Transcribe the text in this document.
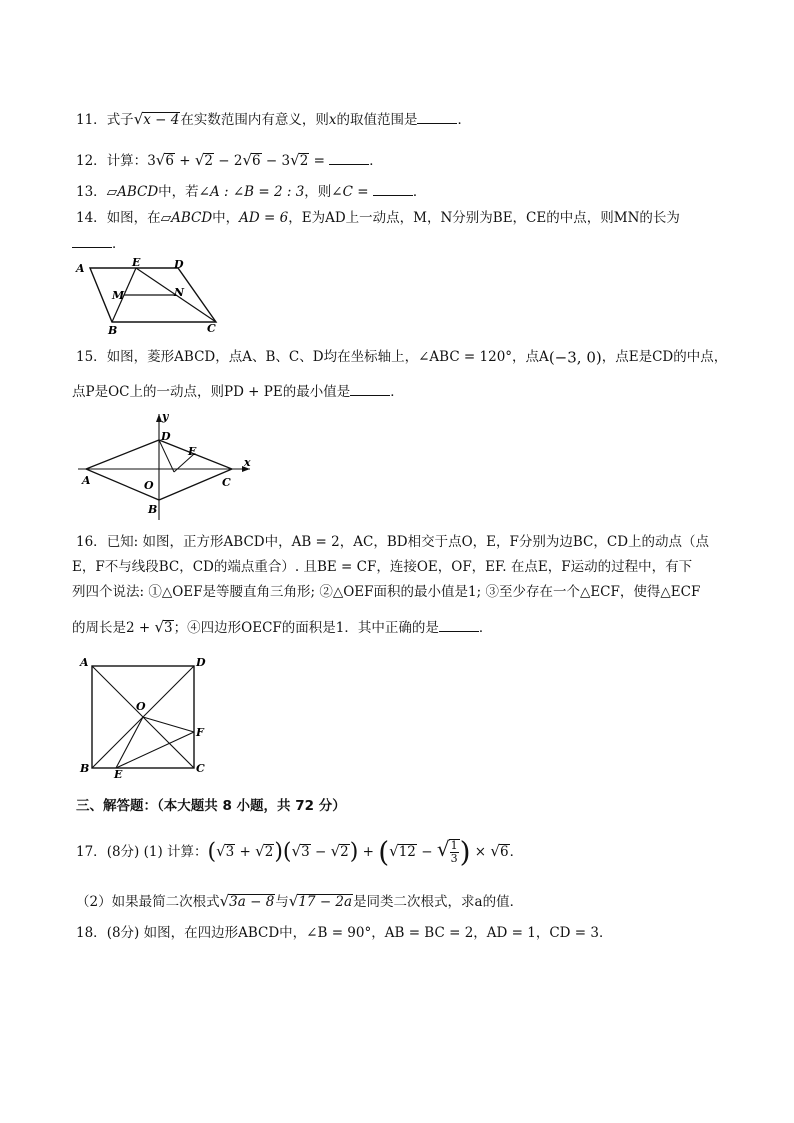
11．式子√x − 4在实数范围内有意义，则x的取值范围是	．
12．计算：3√6 + √2 − 2√6 − 3√2 =	．
13．▱ABCD中，若∠A : ∠B = 2 : 3，则∠C =	．
14．如图，在▱ABCD中，AD = 6，E为AD上一动点，M，N分别为BE，CE的中点，则MN的长为
．
A	E	D
M	N
B	C
15．如图，菱形ABCD，点A、B、C、D均在坐标轴上，∠ABC = 120°，点A(−3, 0)，点E是CD的中点，
点P是OC上的一动点，则PD + PE的最小值是	．
y
D
E
x
A	O	C
B
16．已知: 如图，正方形ABCD中，AB = 2，AC，BD相交于点O，E，F分别为边BC，CD上的动点（点
E，F不与线段BC，CD的端点重合）. 且BE = CF，连接OE，OF，EF. 在点E，F运动的过程中，有下
列四个说法: ①△OEF是等腰直角三角形; ②△OEF面积的最小值是1; ③至少存在一个△ECF，使得△ECF
的周长是2 + √3；④四边形OECF的面积是1．其中正确的是	．
A	D
O
F
B E	C
三、解答题：（本大题共 8 小题，共 72 分）
17．(8分) (1) 计算：(√3 + √2)(√3 − √2) + (√12 − √ $\frac{1}{3}$ ) × √6．
（2）如果最简二次根式√3a − 8与√17 − 2a是同类二次根式，求a的值．
18．(8分) 如图，在四边形ABCD中，∠B = 90°，AB = BC = 2，AD = 1，CD = 3．
